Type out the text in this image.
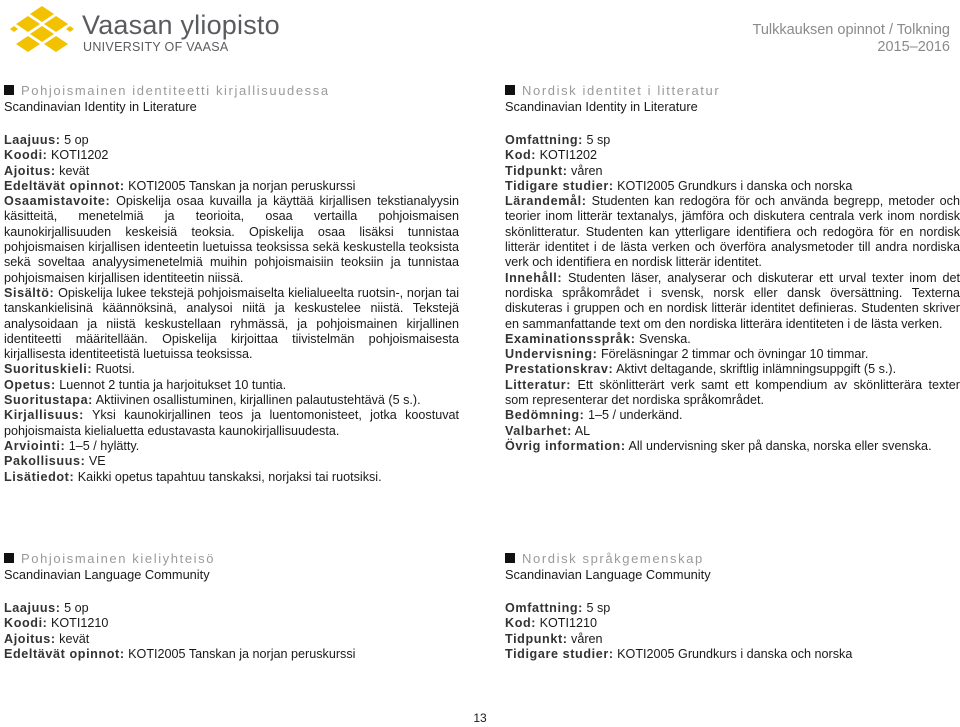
Vaasan yliopisto
UNIVERSITY OF VAASA
Tulkkauksen opinnot / Tolkning
2015–2016
Pohjoismainen identiteetti kirjallisuudessa
Scandinavian Identity in Literature

Laajuus: 5 op

Koodi: KOTI1202

Ajoitus: kevät

Edeltävät opinnot: KOTI2005 Tanskan ja norjan peruskurssi

Osaamistavoite: Opiskelija osaa kuvailla ja käyttää kirjallisen tekstianalyysin käsitteitä, menetelmiä ja teorioita, osaa vertailla pohjoismaisen kaunokirjallisuuden keskeisiä teoksia. Opiskelija osaa lisäksi tunnistaa pohjoismaisen kirjallisen identeetin luetuissa teoksissa sekä keskustella teoksista sekä soveltaa analyysimenetelmiä muihin pohjoismaisiin teoksiin ja tunnistaa pohjoismaisen kirjallisen identiteetin niissä.

Sisältö: Opiskelija lukee tekstejä pohjoismaiselta kielialueelta ruotsin-, norjan tai tanskankielisinä käännöksinä, analysoi niitä ja keskustelee niistä. Tekstejä analysoidaan ja niistä keskustellaan ryhmässä, ja pohjoismainen kirjallinen identiteetti määritellään. Opiskelija kirjoittaa tiivistelmän pohjoismaisesta kirjallisesta identiteetistä luetuissa teoksissa.

Suorituskieli: Ruotsi.

Opetus: Luennot 2 tuntia ja harjoitukset 10 tuntia.

Suoritustapa: Aktiivinen osallistuminen, kirjallinen palautustehtävä (5 s.).

Kirjallisuus: Yksi kaunokirjallinen teos ja luentomonisteet, jotka koostuvat pohjoismaista kielialuetta edustavasta kaunokirjallisuudesta.

Arviointi: 1–5 / hylätty.

Pakollisuus: VE

Lisätiedot: Kaikki opetus tapahtuu tanskaksi, norjaksi tai ruotsiksi.

Nordisk identitet i litteratur
Scandinavian Identity in Literature

Omfattning: 5 sp

Kod: KOTI1202

Tidpunkt: våren

Tidigare studier: KOTI2005 Grundkurs i danska och norska

Lärandemål: Studenten kan redogöra för och använda begrepp, metoder och teorier inom litterär textanalys, jämföra och diskutera centrala verk inom nordisk skönlitteratur. Studenten kan ytterligare identifiera och redogöra för en nordisk litterär identitet i de lästa verken och överföra analysmetoder till andra nordiska verk och identifiera en nordisk litterär identitet.

Innehåll: Studenten läser, analyserar och diskuterar ett urval texter inom det nordiska språkområdet i svensk, norsk eller dansk översättning. Texterna diskuteras i gruppen och en nordisk litterär identitet definieras. Studenten skriver en sammanfattande text om den nordiska litterära identiteten i de lästa verken.

Examinationsspråk: Svenska.

Undervisning: Föreläsningar 2 timmar och övningar 10 timmar.

Prestationskrav: Aktivt deltagande, skriftlig inlämningsuppgift (5 s.).

Litteratur: Ett skönlitterärt verk samt ett kompendium av skönlitterära texter som representerar det nordiska språkområdet.

Bedömning: 1–5 / underkänd.

Valbarhet: AL

Övrig information: All undervisning sker på danska, norska eller svenska.

Pohjoismainen kieliyhteisö
Scandinavian Language Community

Laajuus: 5 op

Koodi: KOTI1210

Ajoitus: kevät

Edeltävät opinnot: KOTI2005 Tanskan ja norjan peruskurssi

Nordisk språkgemenskap
Scandinavian Language Community

Omfattning: 5 sp

Kod: KOTI1210

Tidpunkt: våren

Tidigare studier: KOTI2005 Grundkurs i danska och norska

13
